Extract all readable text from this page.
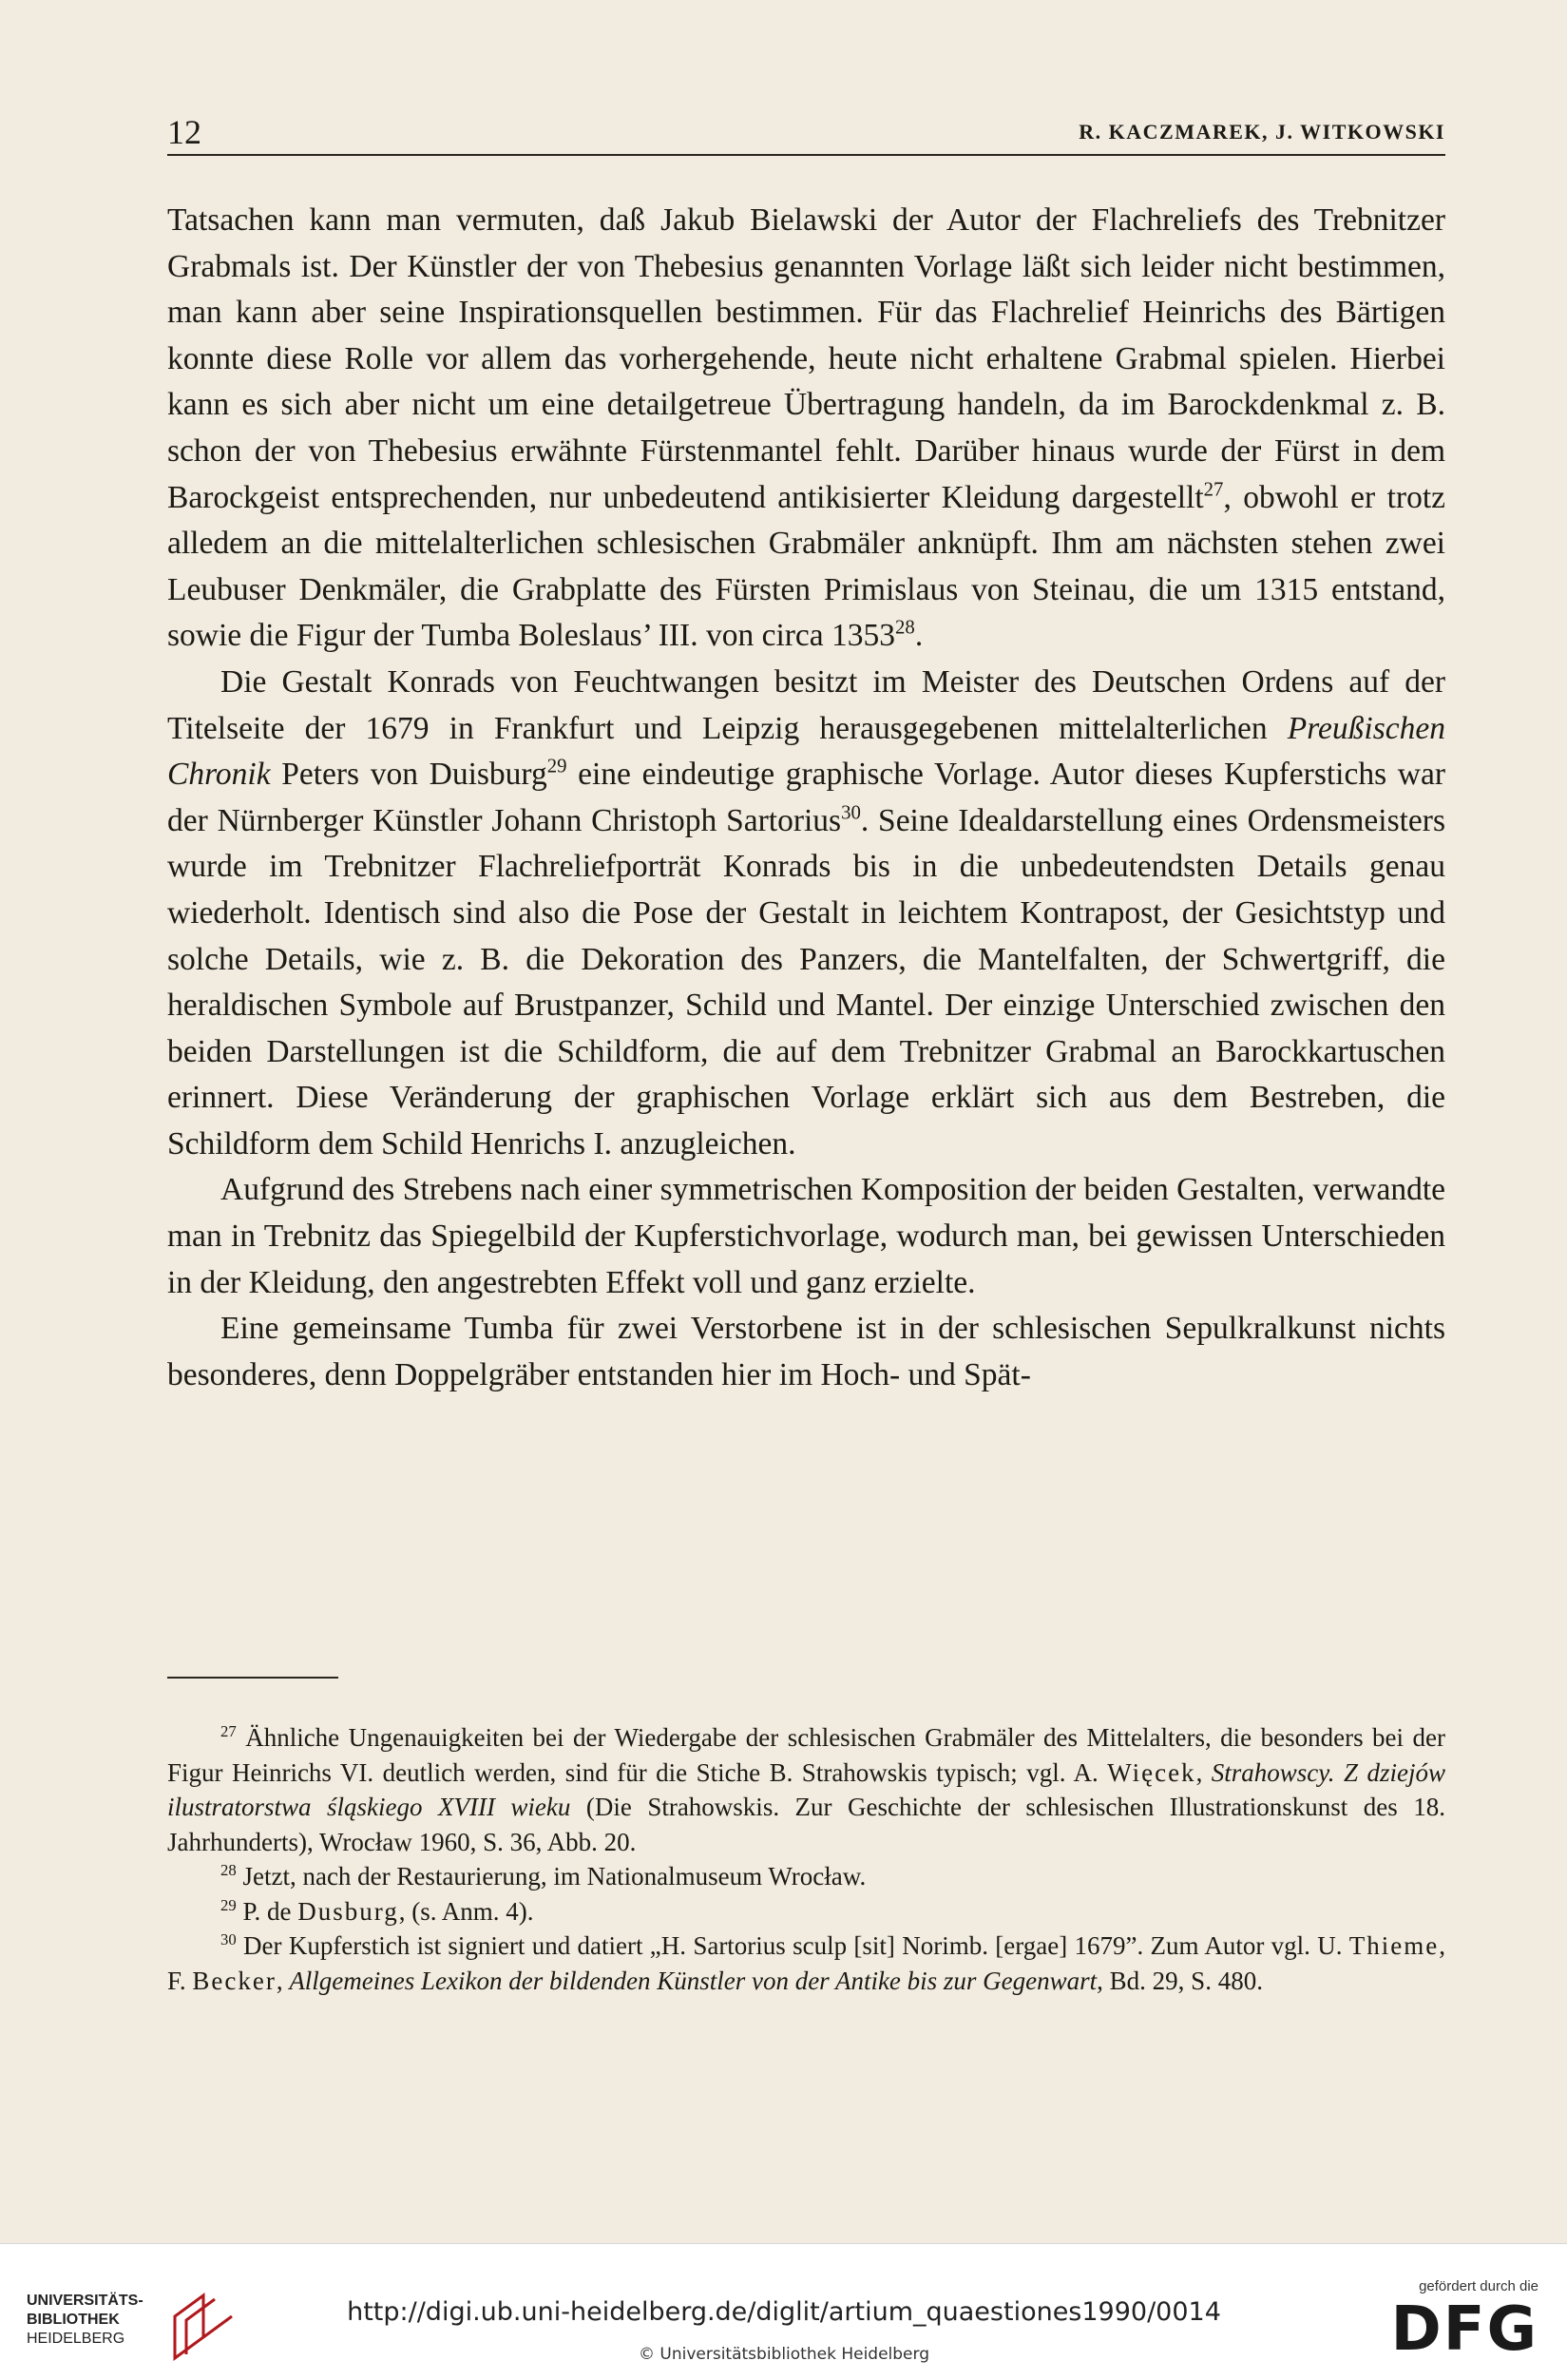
12	R. KACZMAREK, J. WITKOWSKI

Tatsachen kann man vermuten, daß Jakub Bielawski der Autor der Flachreliefs des Trebnitzer Grabmals ist. Der Künstler der von Thebesius genannten Vorlage läßt sich leider nicht bestimmen, man kann aber seine Inspirationsquellen bestimmen. Für das Flachrelief Heinrichs des Bärtigen konnte diese Rolle vor allem das vorhergehende, heute nicht erhaltene Grabmal spielen. Hierbei kann es sich aber nicht um eine detailgetreue Übertragung handeln, da im Barockdenkmal z. B. schon der von Thebesius erwähnte Fürstenmantel fehlt. Darüber hinaus wurde der Fürst in dem Barockgeist entsprechenden, nur unbedeutend antikisierter Kleidung dargestellt$^{27}$, obwohl er trotz alledem an die mittelalterlichen schlesischen Grabmäler anknüpft. Ihm am nächsten stehen zwei Leubuser Denkmäler, die Grabplatte des Fürsten Primislaus von Steinau, die um 1315 entstand, sowie die Figur der Tumba Boleslaus’ III. von circa 1353$^{28}$.

Die Gestalt Konrads von Feuchtwangen besitzt im Meister des Deutschen Ordens auf der Titelseite der 1679 in Frankfurt und Leipzig herausgegebenen mittelalterlichen Preußischen Chronik Peters von Duisburg$^{29}$ eine eindeutige graphische Vorlage. Autor dieses Kupferstichs war der Nürnberger Künstler Johann Christoph Sartorius$^{30}$. Seine Idealdarstellung eines Ordensmeisters wurde im Trebnitzer Flachreliefporträt Konrads bis in die unbedeutendsten Details genau wiederholt. Identisch sind also die Pose der Gestalt in leichtem Kontrapost, der Gesichtstyp und solche Details, wie z. B. die Dekoration des Panzers, die Mantelfalten, der Schwertgriff, die heraldischen Symbole auf Brustpanzer, Schild und Mantel. Der einzige Unterschied zwischen den beiden Darstellungen ist die Schildform, die auf dem Trebnitzer Grabmal an Barockkartuschen erinnert. Diese Veränderung der graphischen Vorlage erklärt sich aus dem Bestreben, die Schildform dem Schild Henrichs I. anzugleichen.

Aufgrund des Strebens nach einer symmetrischen Komposition der beiden Gestalten, verwandte man in Trebnitz das Spiegelbild der Kupferstichvorlage, wodurch man, bei gewissen Unterschieden in der Kleidung, den angestrebten Effekt voll und ganz erzielte.

Eine gemeinsame Tumba für zwei Verstorbene ist in der schlesischen Sepulkralkunst nichts besonderes, denn Doppelgräber entstanden hier im Hoch- und Spät-

$^{27}$ Ähnliche Ungenauigkeiten bei der Wiedergabe der schlesischen Grabmäler des Mittelalters, die besonders bei der Figur Heinrichs VI. deutlich werden, sind für die Stiche B. Strahowskis typisch; vgl. A. Więcek, Strahowscy. Z dziejów ilustratorstwa śląskiego XVIII wieku (Die Strahowskis. Zur Geschichte der schlesischen Illustrationskunst des 18. Jahrhunderts), Wrocław 1960, S. 36, Abb. 20.

$^{28}$ Jetzt, nach der Restaurierung, im Nationalmuseum Wrocław.

$^{29}$ P. de Dusburg, (s. Anm. 4).

$^{30}$ Der Kupferstich ist signiert und datiert „H. Sartorius sculp [sit] Norimb. [ergae] 1679”. Zum Autor vgl. U. Thieme, F. Becker, Allgemeines Lexikon der bildenden Künstler von der Antike bis zur Gegenwart, Bd. 29, S. 480.

UNIVERSITÄTS-
BIBLIOTHEK
HEIDELBERG
http://digi.ub.uni-heidelberg.de/diglit/artium_quaestiones1990/0014
© Universitätsbibliothek Heidelberg
gefördert durch die
DFG
